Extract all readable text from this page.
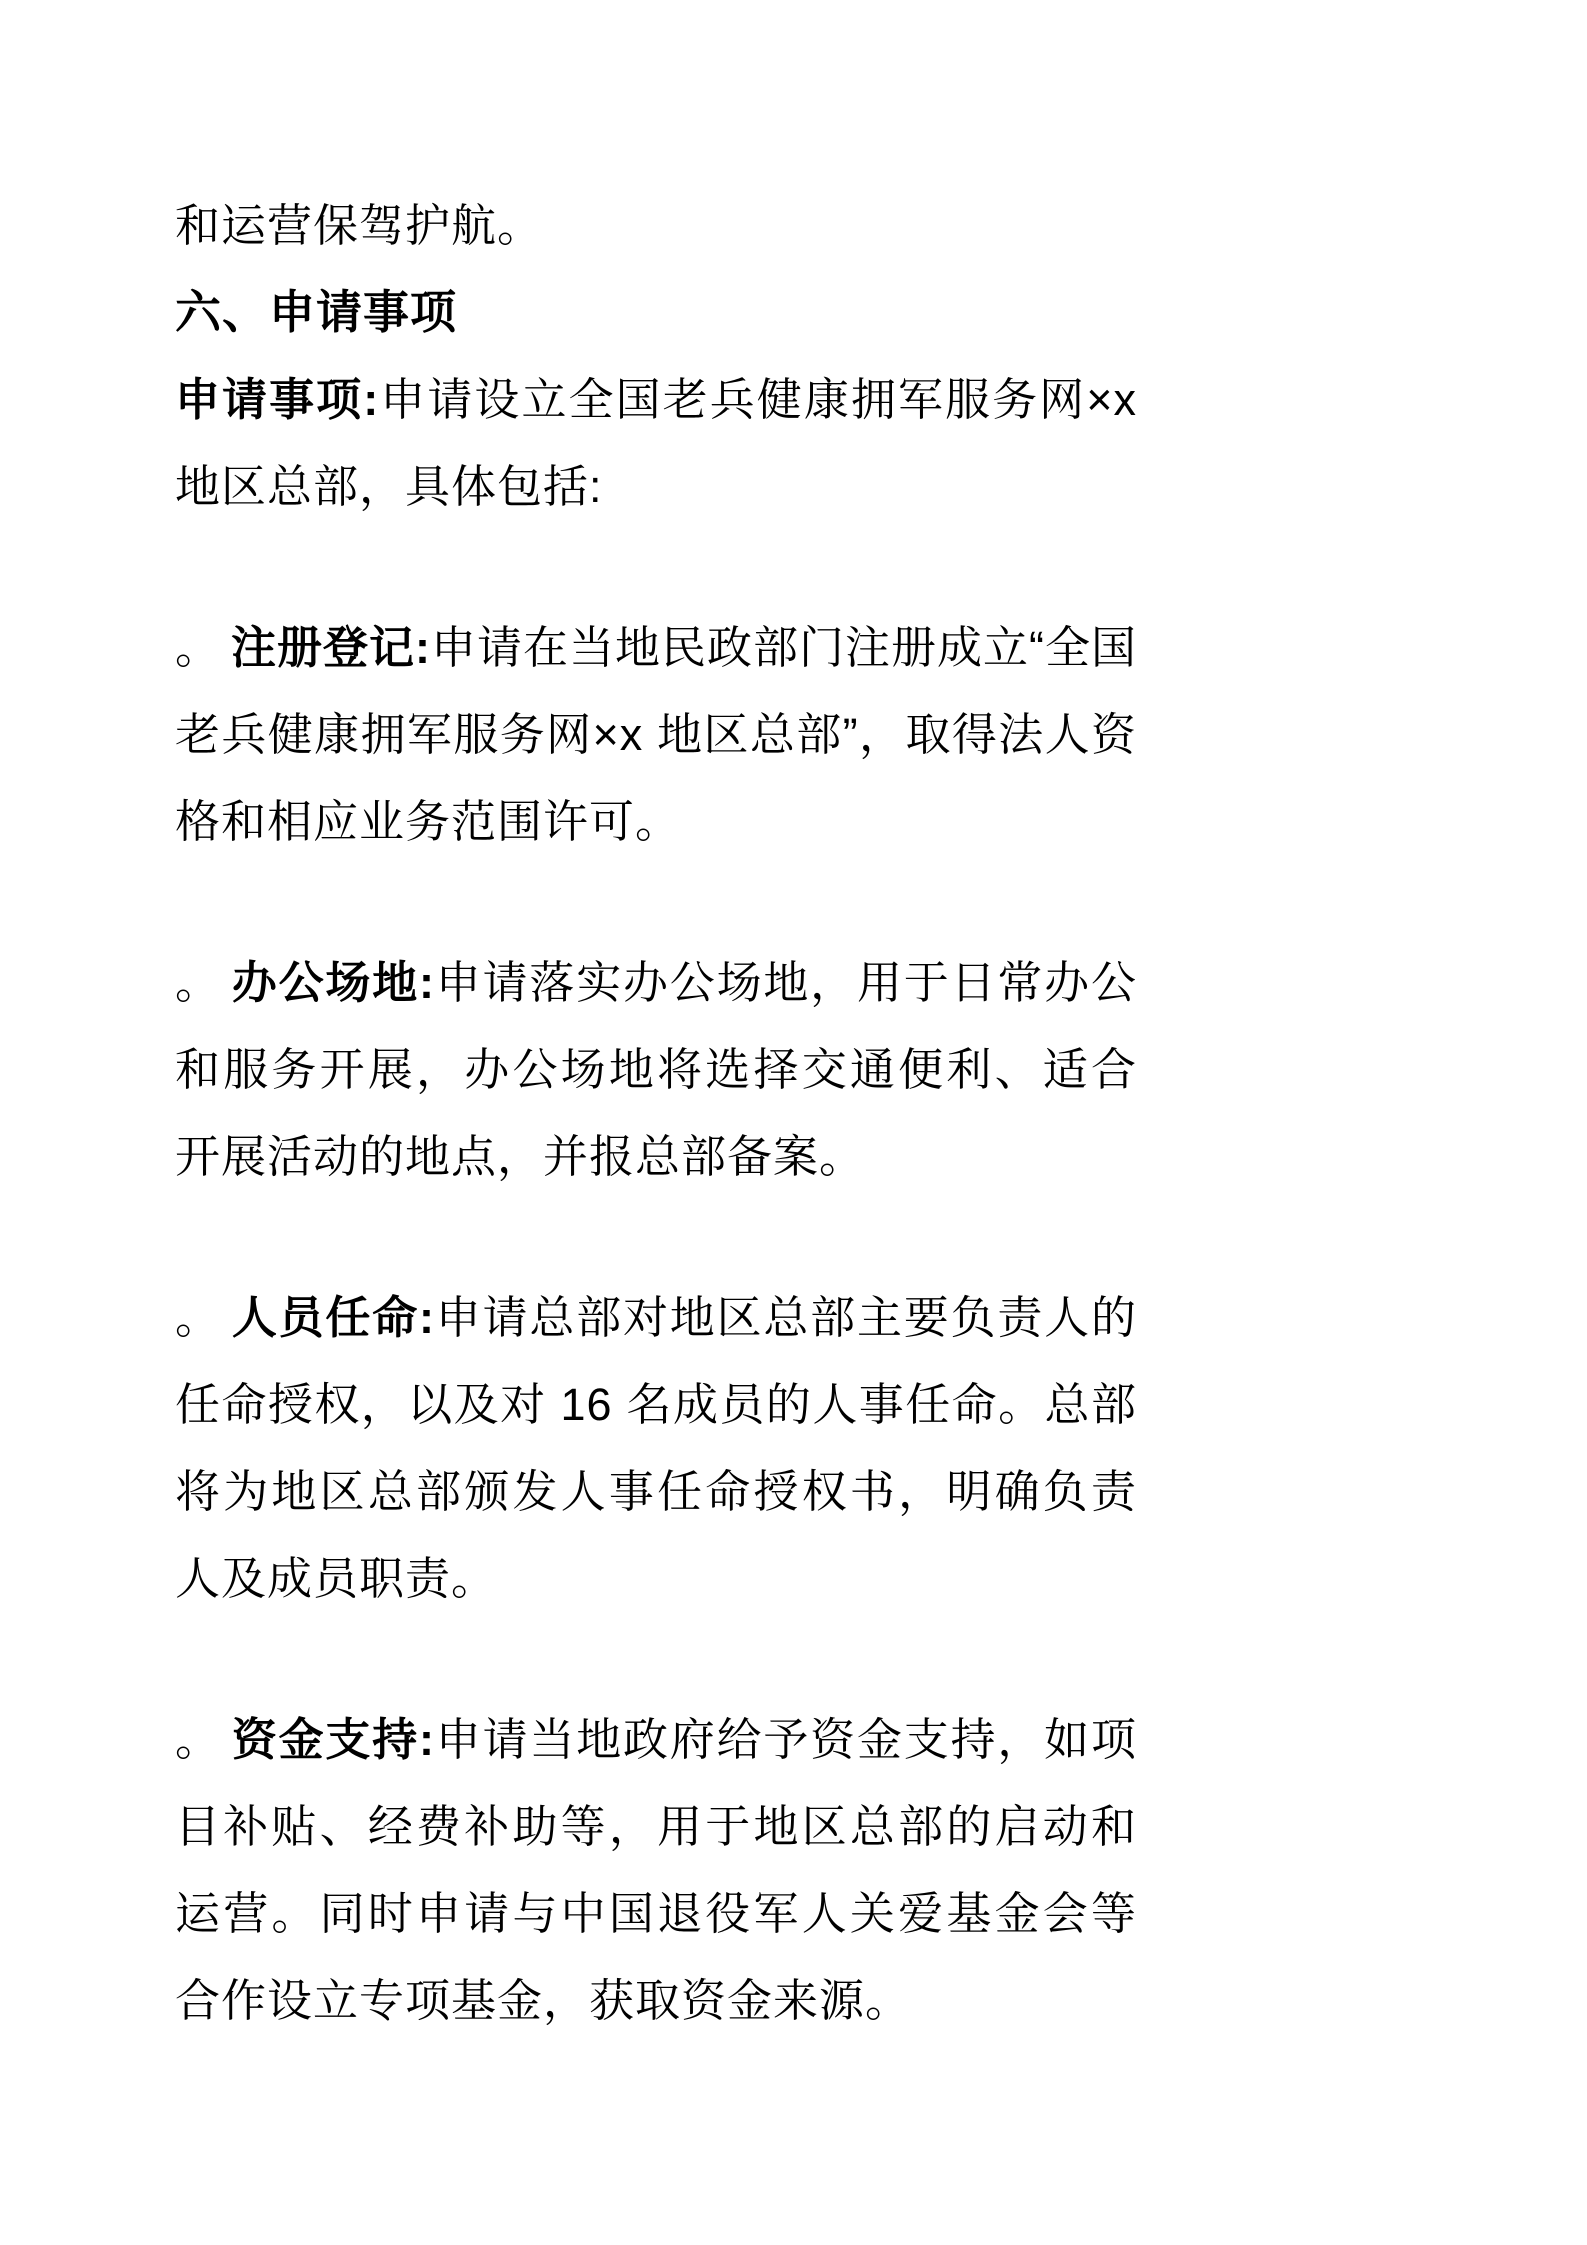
和运营保驾护航。

六、申请事项

申请事项:申请设立全国老兵健康拥军服务网×x 地区总部，具体包括:

。 注册登记:申请在当地民政部门注册成立“全国老兵健康拥军服务网×x 地区总部”，取得法人资格和相应业务范围许可。

。 办公场地:申请落实办公场地，用于日常办公和服务开展，办公场地将选择交通便利、适合开展活动的地点，并报总部备案。

。 人员任命:申请总部对地区总部主要负责人的任命授权，以及对 16 名成员的人事任命。总部将为地区总部颁发人事任命授权书，明确负责人及成员职责。

。 资金支持:申请当地政府给予资金支持，如项目补贴、经费补助等，用于地区总部的启动和运营。同时申请与中国退役军人关爱基金会等合作设立专项基金，获取资金来源。
